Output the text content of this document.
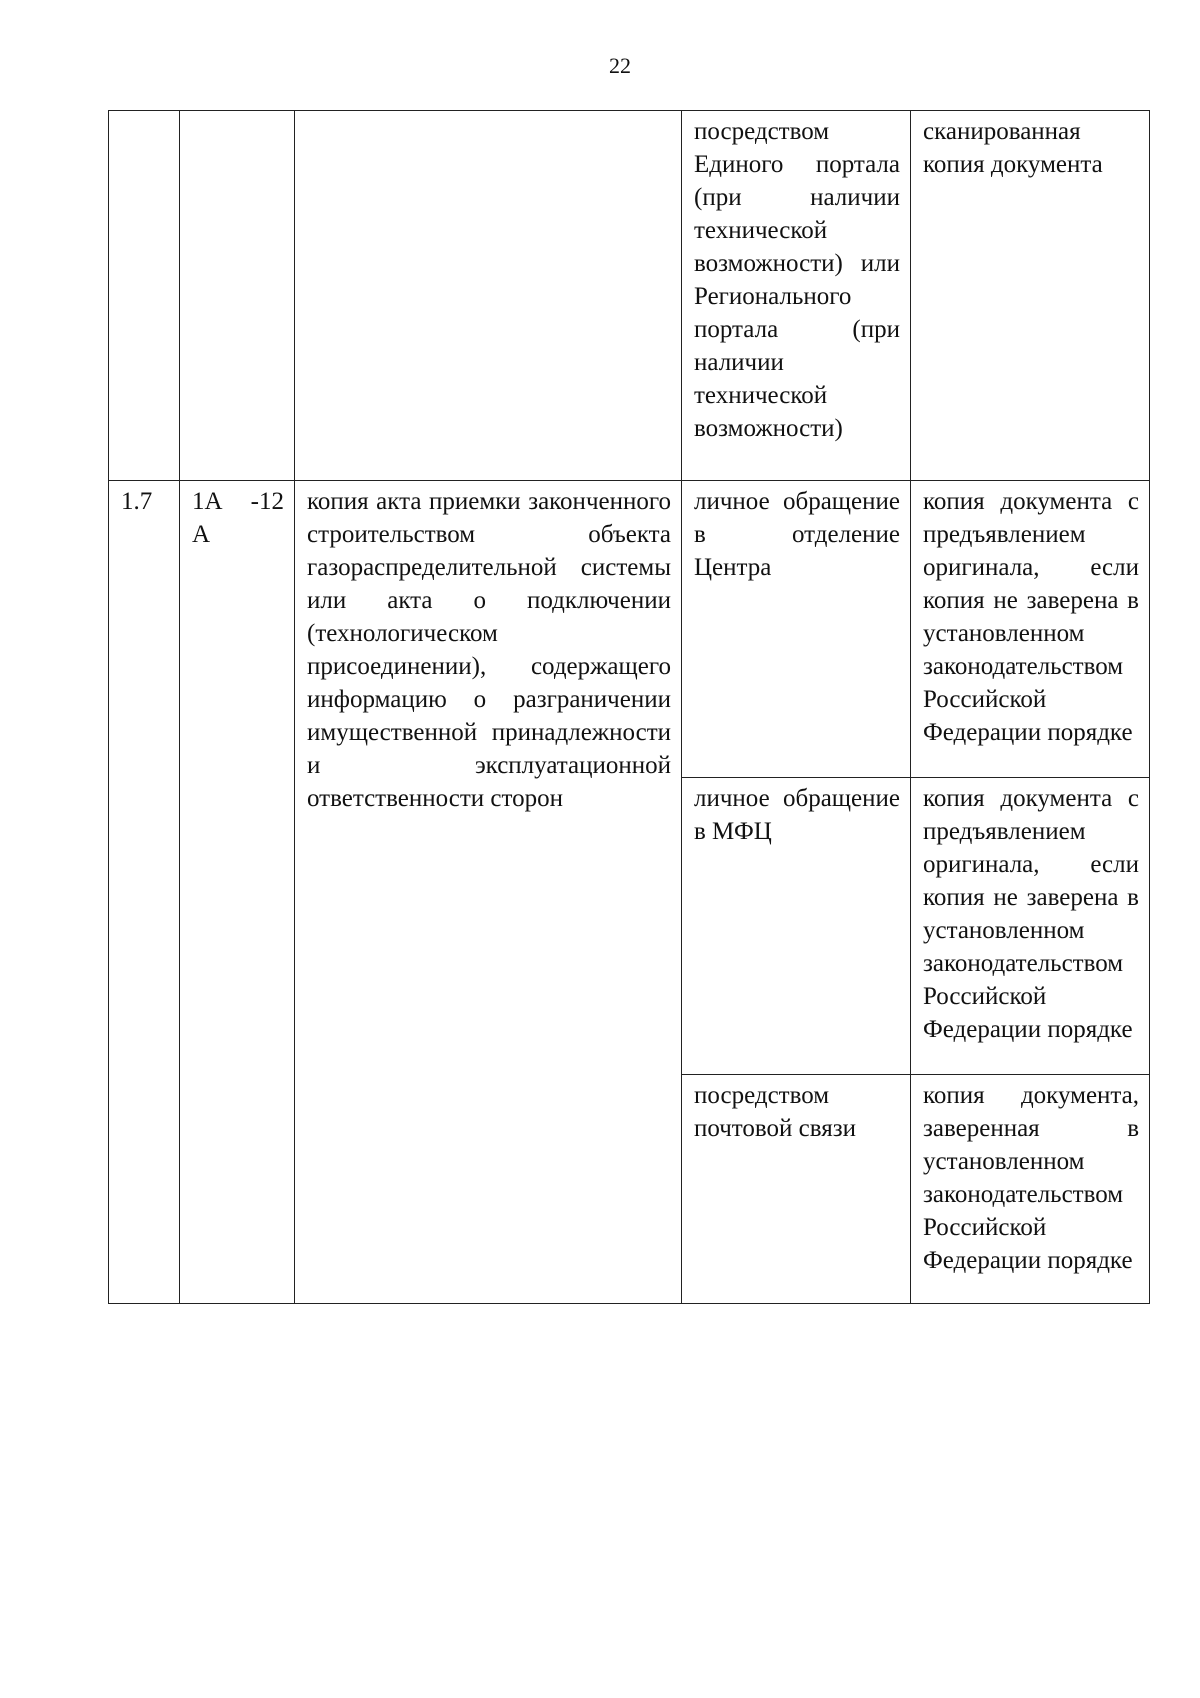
22

			посредством Единого портала (при наличии технической возможности) или Регионального портала (при наличии технической возможности)	сканированная копия документа

1.7	1А -12 А	копия акта приемки законченного строительством объекта газораспределительной системы или акта о подключении (технологическом присоединении), содержащего информацию о разграничении имущественной принадлежности и эксплуатационной ответственности сторон	личное обращение в отделение Центра	копия документа с предъявлением оригинала, если копия не заверена в установленном законодательством Российской Федерации порядке

			личное обращение в МФЦ	копия документа с предъявлением оригинала, если копия не заверена в установленном законодательством Российской Федерации порядке

			посредством почтовой связи	копия документа, заверенная в установленном законодательством Российской Федерации порядке
